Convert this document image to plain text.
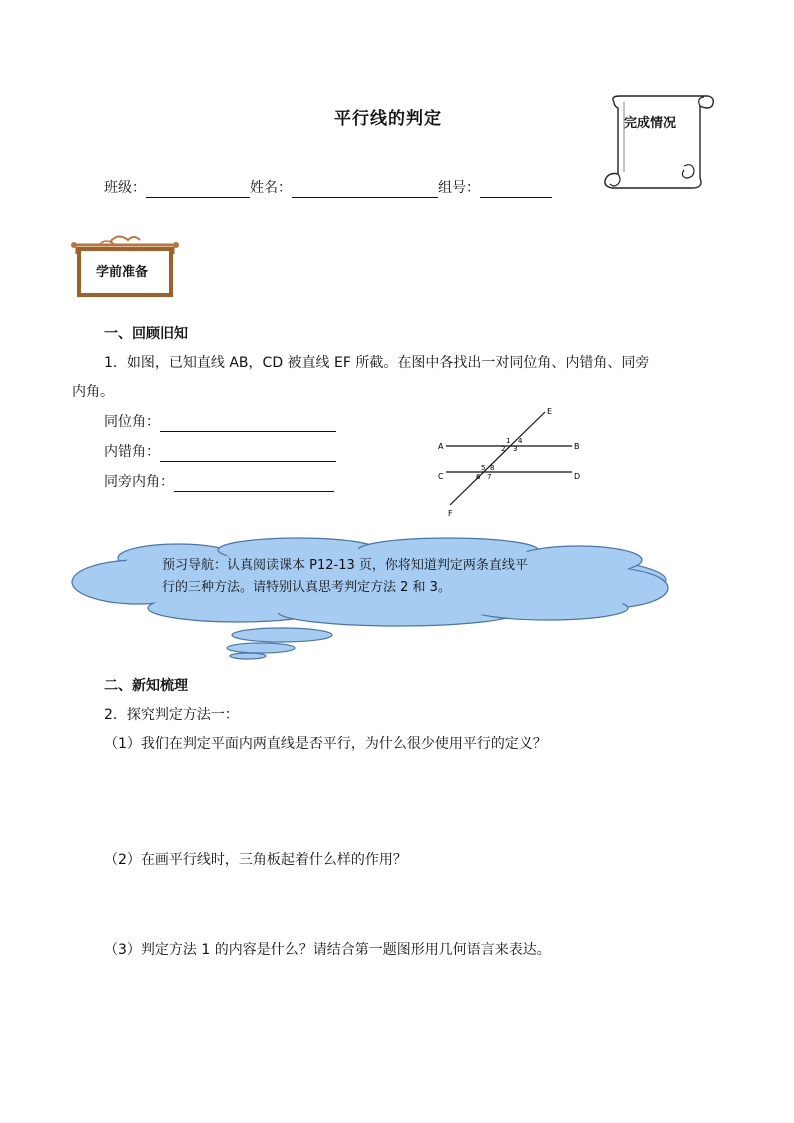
平行线的判定	完成情况
班级：	姓名：	组号：
学前准备
一、回顾旧知
1．如图，已知直线 AB，CD 被直线 EF 所截。在图中各找出一对同位角、内错角、同旁
内角。
同位角：
内错角：
同旁内角：
E
A	B
C	D
F
1
2 3
4
5
6 7
8
预习导航：认真阅读课本 P12-13 页，你将知道判定两条直线平
行的三种方法。请特别认真思考判定方法 2 和 3。
二、新知梳理
2．探究判定方法一：
（1）我们在判定平面内两直线是否平行，为什么很少使用平行的定义？
（2）在画平行线时，三角板起着什么样的作用？
（3）判定方法 1 的内容是什么？请结合第一题图形用几何语言来表达。
